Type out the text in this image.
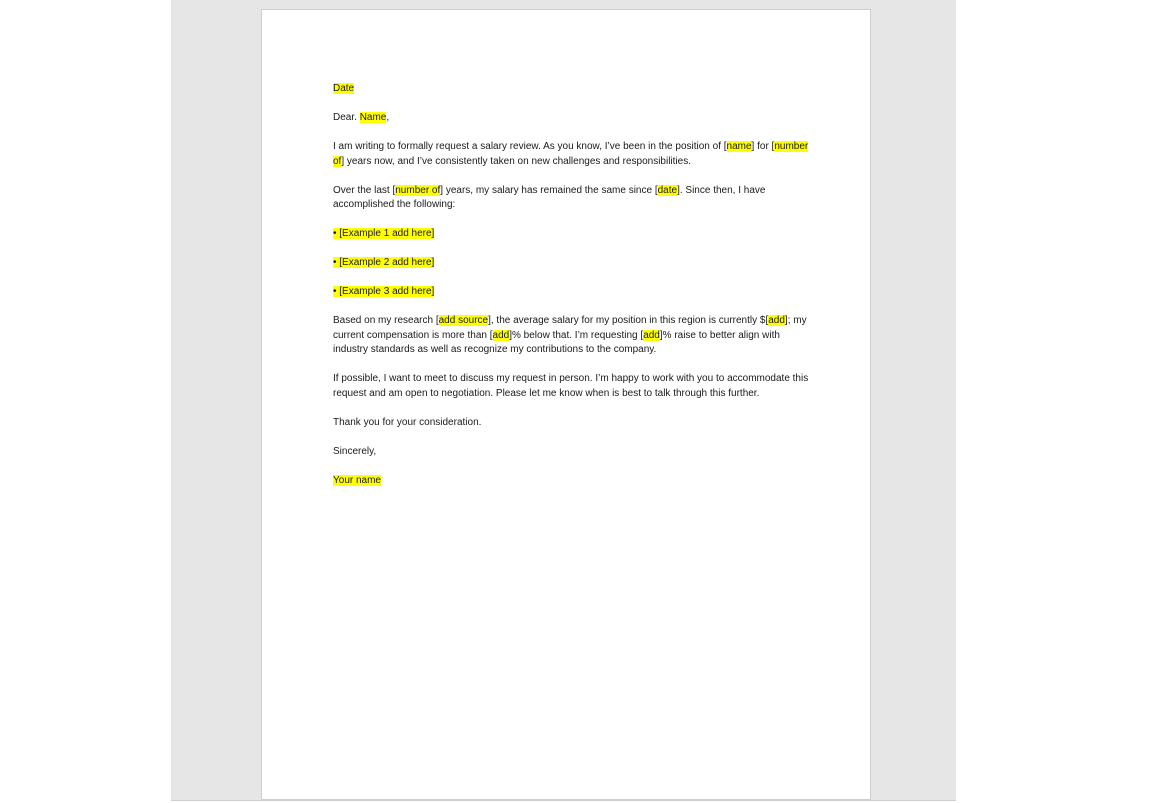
Date

Dear. Name,

I am writing to formally request a salary review. As you know, I’ve been in the position of [name] for [number of] years now, and I’ve consistently taken on new challenges and responsibilities.

Over the last [number of] years, my salary has remained the same since [date]. Since then, I have accomplished the following:

• [Example 1 add here]

• [Example 2 add here]

• [Example 3 add here]

Based on my research [add source], the average salary for my position in this region is currently $[add]; my current compensation is more than [add]% below that. I’m requesting [add]% raise to better align with industry standards as well as recognize my contributions to the company.

If possible, I want to meet to discuss my request in person. I’m happy to work with you to accommodate this request and am open to negotiation. Please let me know when is best to talk through this further.

Thank you for your consideration.

Sincerely,

Your name
